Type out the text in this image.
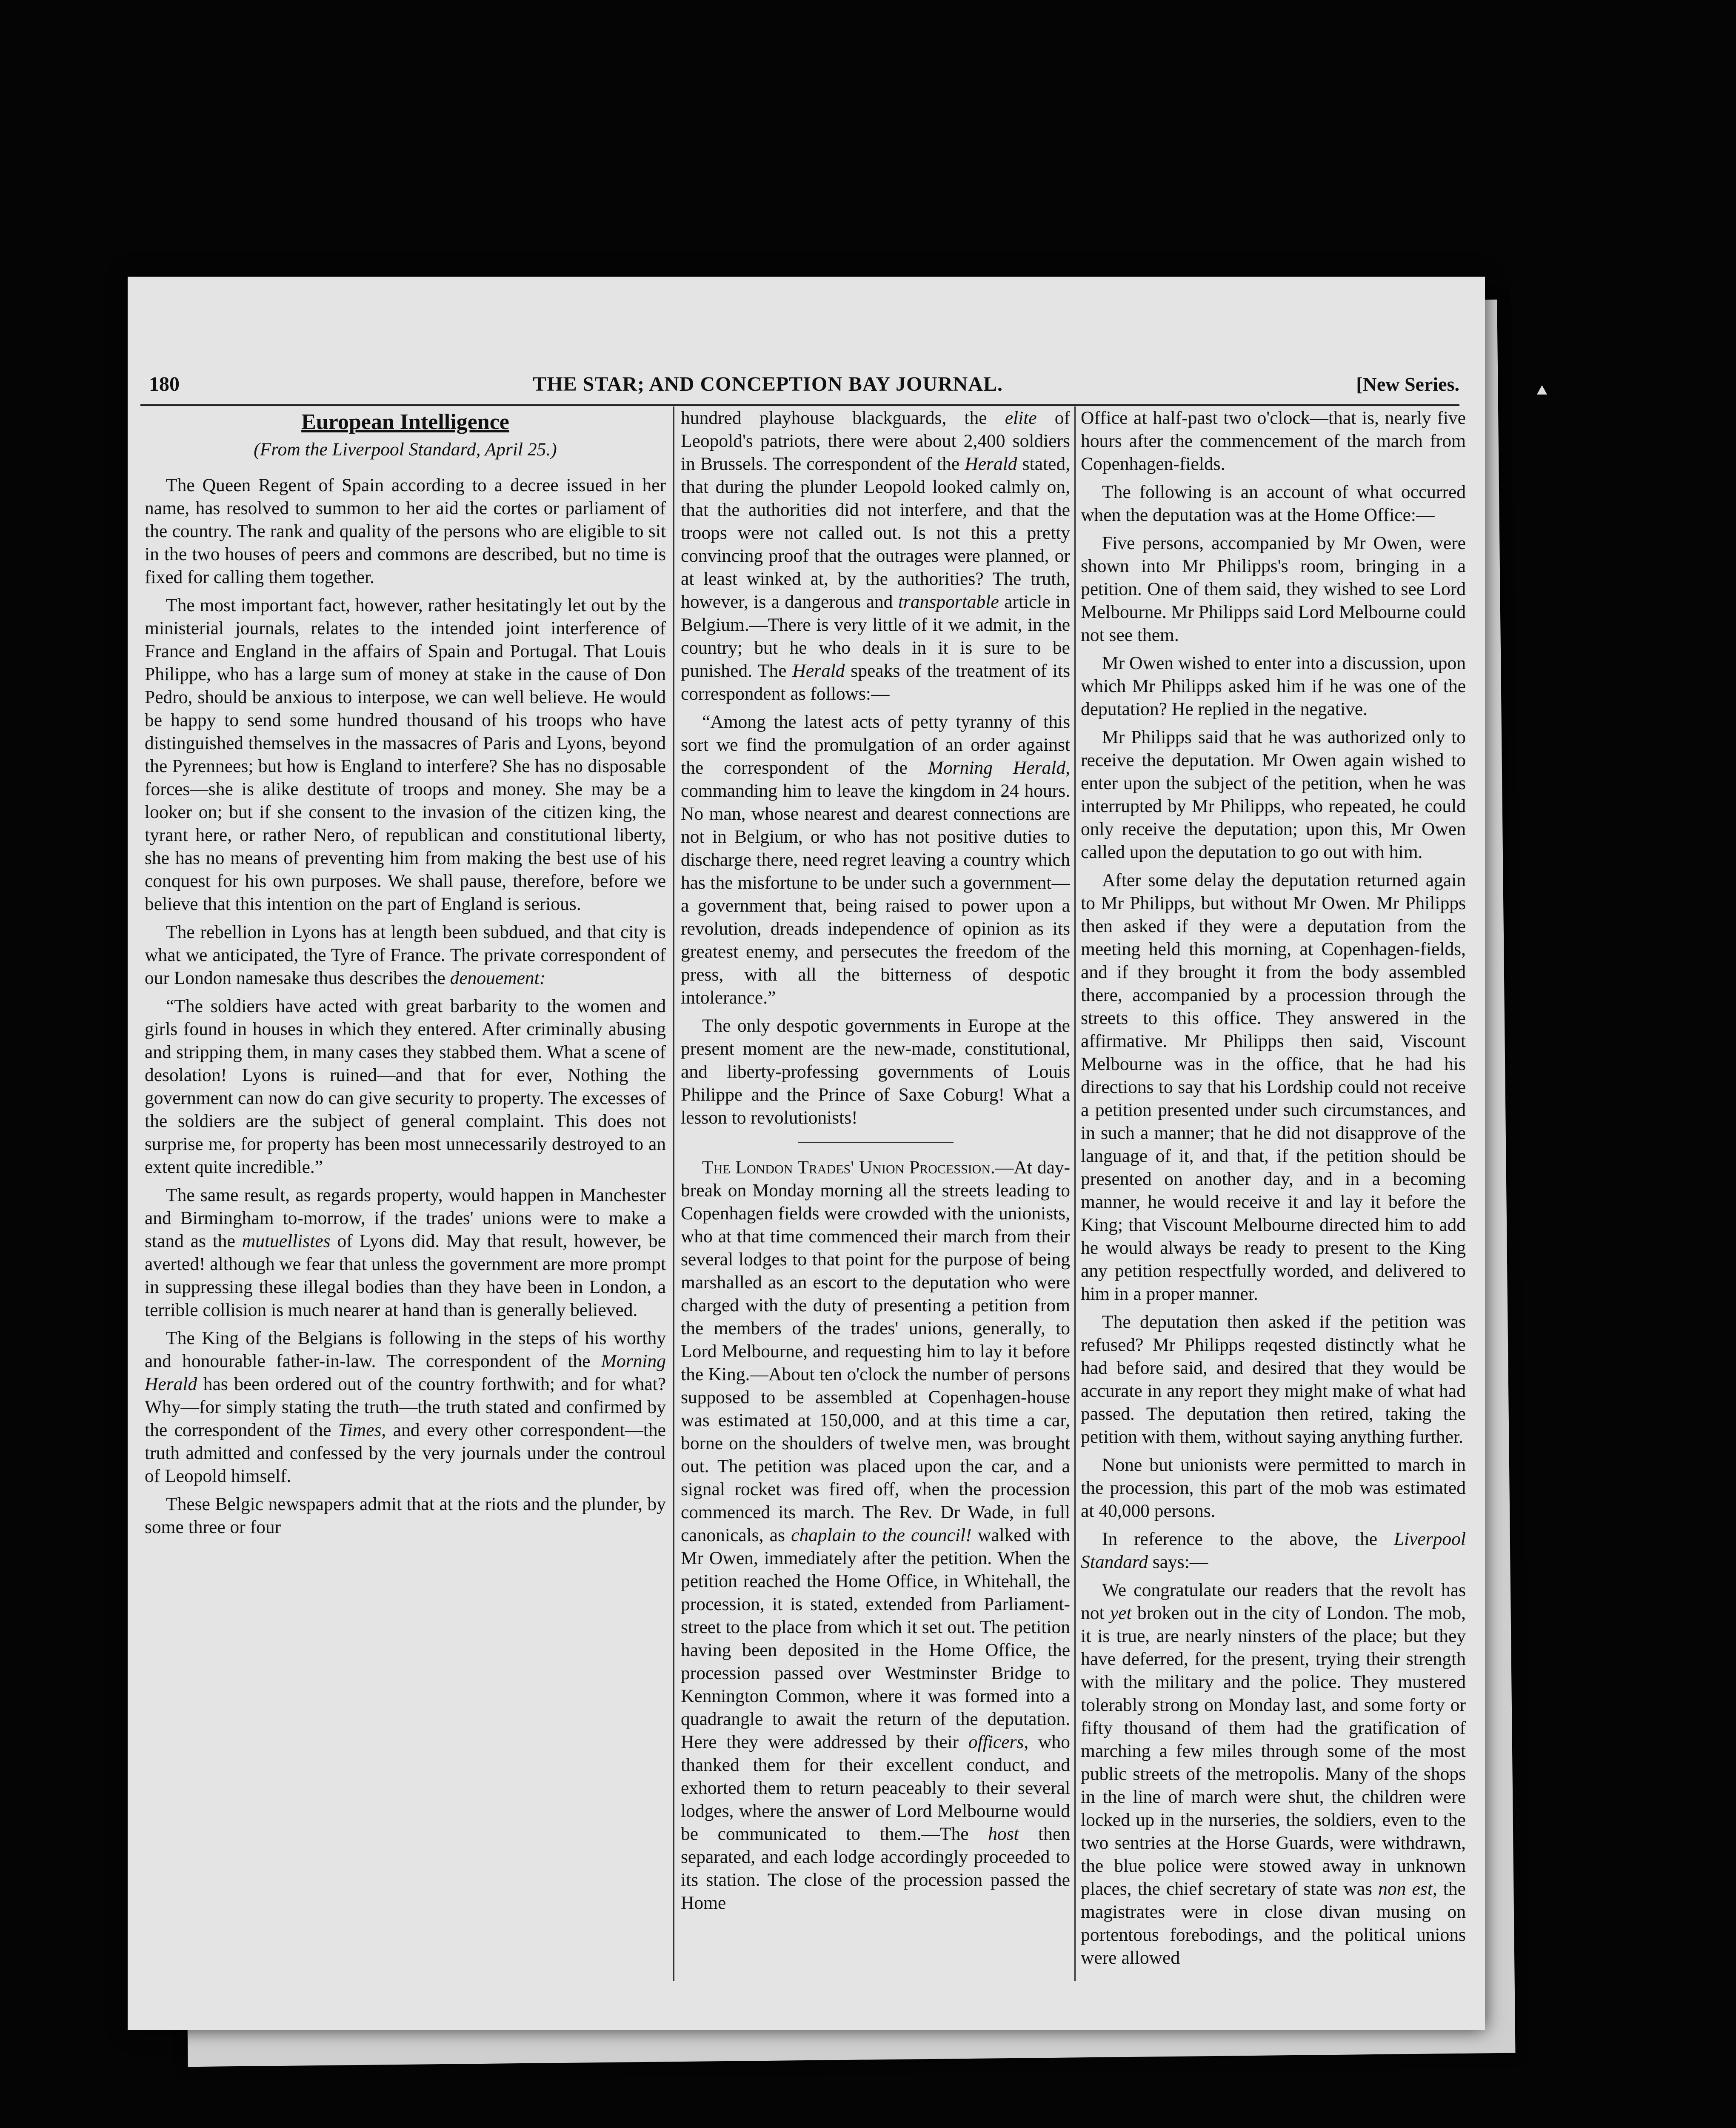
180	THE STAR; AND CONCEPTION BAY JOURNAL.	[New Series.
European Intelligence
(From the Liverpool Standard, April 25.)

The Queen Regent of Spain according to a decree issued in her name, has resolved to summon to her aid the cortes or parliament of the country. The rank and quality of the persons who are eligible to sit in the two houses of peers and commons are described, but no time is fixed for calling them together.

The most important fact, however, rather hesitatingly let out by the ministerial journals, relates to the intended joint interference of France and England in the affairs of Spain and Portugal. That Louis Philippe, who has a large sum of money at stake in the cause of Don Pedro, should be anxious to interpose, we can well believe. He would be happy to send some hundred thousand of his troops who have distinguished themselves in the massacres of Paris and Lyons, beyond the Pyrennees; but how is England to interfere? She has no disposable forces—she is alike destitute of troops and money. She may be a looker on; but if she consent to the invasion of the citizen king, the tyrant here, or rather Nero, of republican and constitutional liberty, she has no means of preventing him from making the best use of his conquest for his own purposes. We shall pause, therefore, before we believe that this intention on the part of England is serious.

The rebellion in Lyons has at length been subdued, and that city is what we anticipated, the Tyre of France. The private correspondent of our London namesake thus describes the denouement:

“The soldiers have acted with great barbarity to the women and girls found in houses in which they entered. After criminally abusing and stripping them, in many cases they stabbed them. What a scene of desolation! Lyons is ruined—and that for ever, Nothing the government can now do can give security to property. The excesses of the soldiers are the subject of general complaint. This does not surprise me, for property has been most unnecessarily destroyed to an extent quite incredible.”

The same result, as regards property, would happen in Manchester and Birmingham to-morrow, if the trades' unions were to make a stand as the mutuellistes of Lyons did. May that result, however, be averted! although we fear that unless the government are more prompt in suppressing these illegal bodies than they have been in London, a terrible collision is much nearer at hand than is generally believed.

The King of the Belgians is following in the steps of his worthy and honourable father-in-law. The correspondent of the Morning Herald has been ordered out of the country forthwith; and for what? Why—for simply stating the truth—the truth stated and confirmed by the correspondent of the Times, and every other correspondent—the truth admitted and confessed by the very journals under the controul of Leopold himself.

These Belgic newspapers admit that at the riots and the plunder, by some three or four

hundred playhouse blackguards, the elite of Leopold's patriots, there were about 2,400 soldiers in Brussels. The correspondent of the Herald stated, that during the plunder Leopold looked calmly on, that the authorities did not interfere, and that the troops were not called out. Is not this a pretty convincing proof that the outrages were planned, or at least winked at, by the authorities? The truth, however, is a dangerous and transportable article in Belgium.—There is very little of it we admit, in the country; but he who deals in it is sure to be punished. The Herald speaks of the treatment of its correspondent as follows:—

“Among the latest acts of petty tyranny of this sort we find the promulgation of an order against the correspondent of the Morning Herald, commanding him to leave the kingdom in 24 hours. No man, whose nearest and dearest connections are not in Belgium, or who has not positive duties to discharge there, need regret leaving a country which has the misfortune to be under such a government—a government that, being raised to power upon a revolution, dreads independence of opinion as its greatest enemy, and persecutes the freedom of the press, with all the bitterness of despotic intolerance.”

The only despotic governments in Europe at the present moment are the new-made, constitutional, and liberty-professing governments of Louis Philippe and the Prince of Saxe Coburg! What a lesson to revolutionists!

The London Trades' Union Procession.—At day-break on Monday morning all the streets leading to Copenhagen fields were crowded with the unionists, who at that time commenced their march from their several lodges to that point for the purpose of being marshalled as an escort to the deputation who were charged with the duty of presenting a petition from the members of the trades' unions, generally, to Lord Melbourne, and requesting him to lay it before the King.—About ten o'clock the number of persons supposed to be assembled at Copenhagen-house was estimated at 150,000, and at this time a car, borne on the shoulders of twelve men, was brought out. The petition was placed upon the car, and a signal rocket was fired off, when the procession commenced its march. The Rev. Dr Wade, in full canonicals, as chaplain to the council! walked with Mr Owen, immediately after the petition. When the petition reached the Home Office, in Whitehall, the procession, it is stated, extended from Parliament-street to the place from which it set out. The petition having been deposited in the Home Office, the procession passed over Westminster Bridge to Kennington Common, where it was formed into a quadrangle to await the return of the deputation. Here they were addressed by their officers, who thanked them for their excellent conduct, and exhorted them to return peaceably to their several lodges, where the answer of Lord Melbourne would be communicated to them.—The host then separated, and each lodge accordingly proceeded to its station. The close of the procession passed the Home

Office at half-past two o'clock—that is, nearly five hours after the commencement of the march from Copenhagen-fields.

The following is an account of what occurred when the deputation was at the Home Office:—

Five persons, accompanied by Mr Owen, were shown into Mr Philipps's room, bringing in a petition. One of them said, they wished to see Lord Melbourne. Mr Philipps said Lord Melbourne could not see them.

Mr Owen wished to enter into a discussion, upon which Mr Philipps asked him if he was one of the deputation? He replied in the negative.

Mr Philipps said that he was authorized only to receive the deputation. Mr Owen again wished to enter upon the subject of the petition, when he was interrupted by Mr Philipps, who repeated, he could only receive the deputation; upon this, Mr Owen called upon the deputation to go out with him.

After some delay the deputation returned again to Mr Philipps, but without Mr Owen. Mr Philipps then asked if they were a deputation from the meeting held this morning, at Copenhagen-fields, and if they brought it from the body assembled there, accompanied by a procession through the streets to this office. They answered in the affirmative. Mr Philipps then said, Viscount Melbourne was in the office, that he had his directions to say that his Lordship could not receive a petition presented under such circumstances, and in such a manner; that he did not disapprove of the language of it, and that, if the petition should be presented on another day, and in a becoming manner, he would receive it and lay it before the King; that Viscount Melbourne directed him to add he would always be ready to present to the King any petition respectfully worded, and delivered to him in a proper manner.

The deputation then asked if the petition was refused? Mr Philipps reqested distinctly what he had before said, and desired that they would be accurate in any report they might make of what had passed. The deputation then retired, taking the petition with them, without saying anything further.

None but unionists were permitted to march in the procession, this part of the mob was estimated at 40,000 persons.

In reference to the above, the Liverpool Standard says:—

We congratulate our readers that the revolt has not yet broken out in the city of London. The mob, it is true, are nearly ninsters of the place; but they have deferred, for the present, trying their strength with the military and the police. They mustered tolerably strong on Monday last, and some forty or fifty thousand of them had the gratification of marching a few miles through some of the most public streets of the metropolis. Many of the shops in the line of march were shut, the children were locked up in the nurseries, the soldiers, even to the two sentries at the Horse Guards, were withdrawn, the blue police were stowed away in unknown places, the chief secretary of state was non est, the magistrates were in close divan musing on portentous forebodings, and the political unions were allowed
